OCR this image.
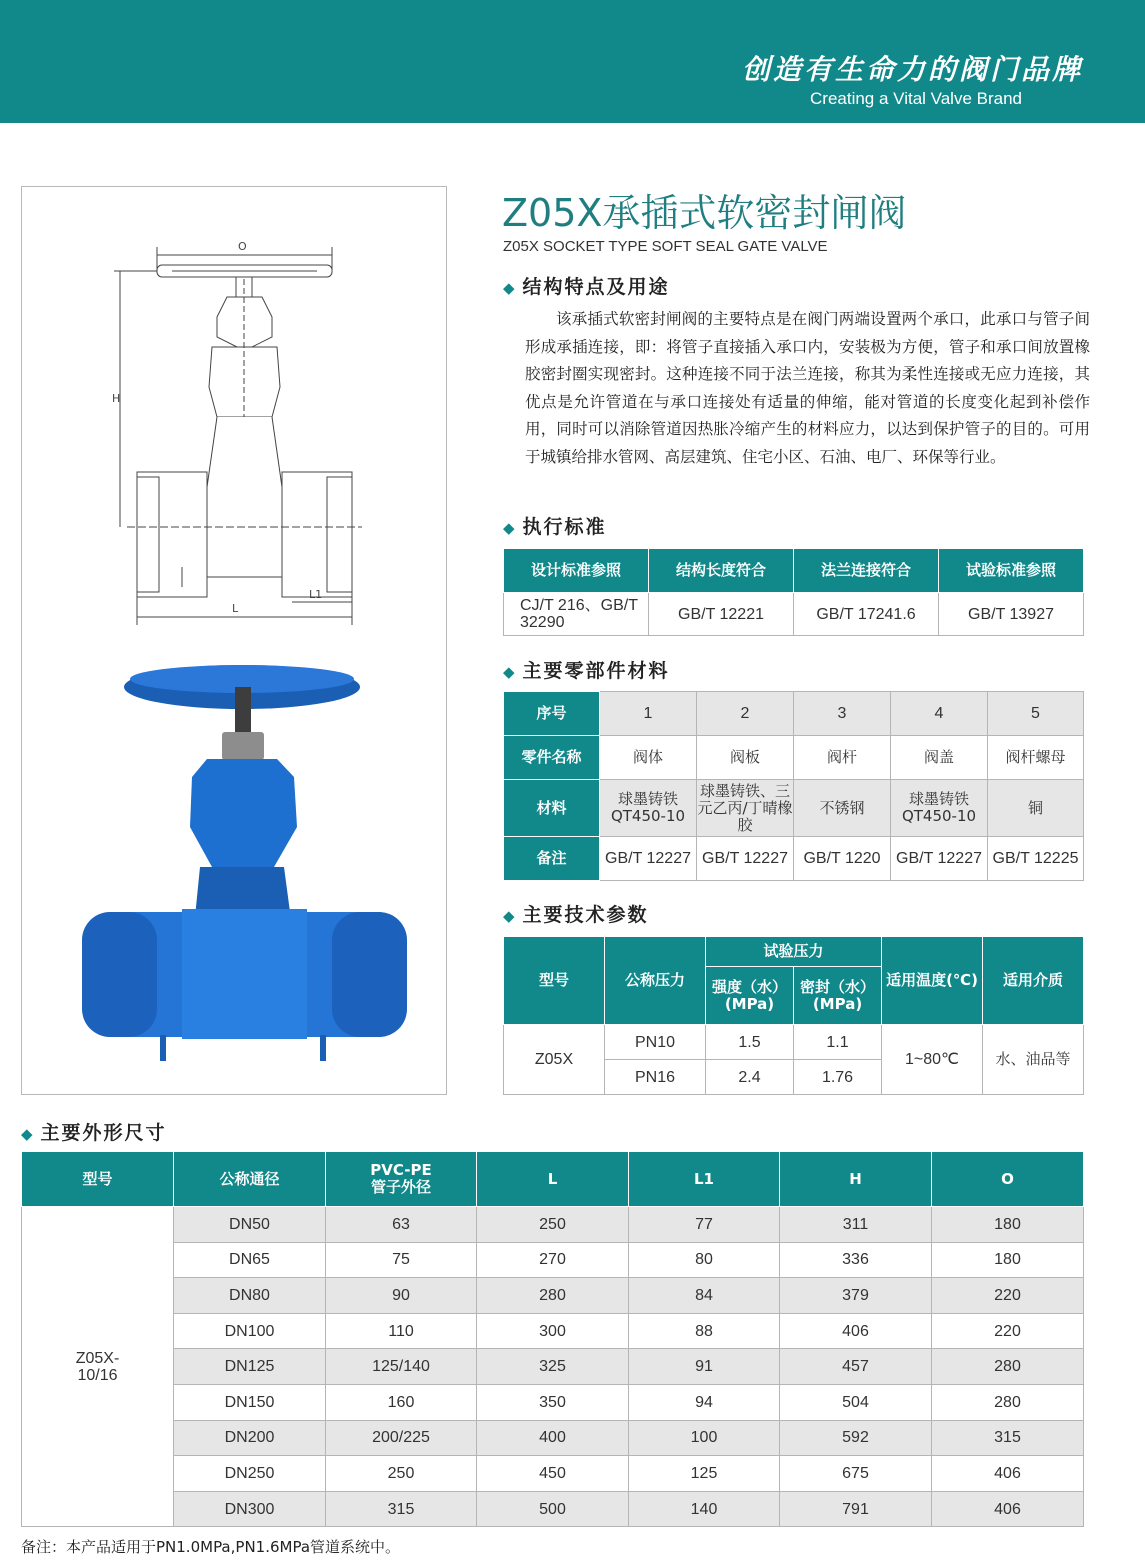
创造有生命力的阀门品牌
Creating a Vital Valve Brand
O
H
L
L1
Z05X承插式软密封闸阀
Z05X SOCKET TYPE SOFT SEAL GATE VALVE
◆ 结构特点及用途
该承插式软密封闸阀的主要特点是在阀门两端设置两个承口，此承口与管子间形成承插连接，即：将管子直接插入承口内，安装极为方便，管子和承口间放置橡胶密封圈实现密封。这种连接不同于法兰连接，称其为柔性连接或无应力连接，其优点是允许管道在与承口连接处有适量的伸缩，能对管道的长度变化起到补偿作用，同时可以消除管道因热胀冷缩产生的材料应力，以达到保护管子的目的。可用于城镇给排水管网、高层建筑、住宅小区、石油、电厂、环保等行业。
◆ 执行标准
设计标准参照	结构长度符合	法兰连接符合	试验标准参照
CJ/T 216、GB/T 32290	GB/T 12221	GB/T 17241.6	GB/T 13927
◆ 主要零部件材料
序号	1	2	3	4	5
零件名称	阀体	阀板	阀杆	阀盖	阀杆螺母
材料	球墨铸铁QT450-10	球墨铸铁、三元乙丙/丁晴橡胶	不锈钢	球墨铸铁QT450-10	铜
备注	GB/T 12227	GB/T 12227	GB/T 1220	GB/T 12227	GB/T 12225
◆ 主要技术参数
型号	公称压力	试验压力		适用温度(℃)	适用介质
		强度（水）(MPa)	密封（水）(MPa)		
Z05X	PN10	1.5	1.1	1~80℃	水、油品等
	PN16	2.4	1.76		
◆ 主要外形尺寸
型号	公称通径	PVC-PE管子外径	L	L1	H	O
Z05X-10/16	DN50	63	250	77	311	180
	DN65	75	270	80	336	180
	DN80	90	280	84	379	220
	DN100	110	300	88	406	220
	DN125	125/140	325	91	457	280
	DN150	160	350	94	504	280
	DN200	200/225	400	100	592	315
	DN250	250	450	125	675	406
	DN300	315	500	140	791	406
备注：本产品适用于PN1.0MPa,PN1.6MPa管道系统中。
